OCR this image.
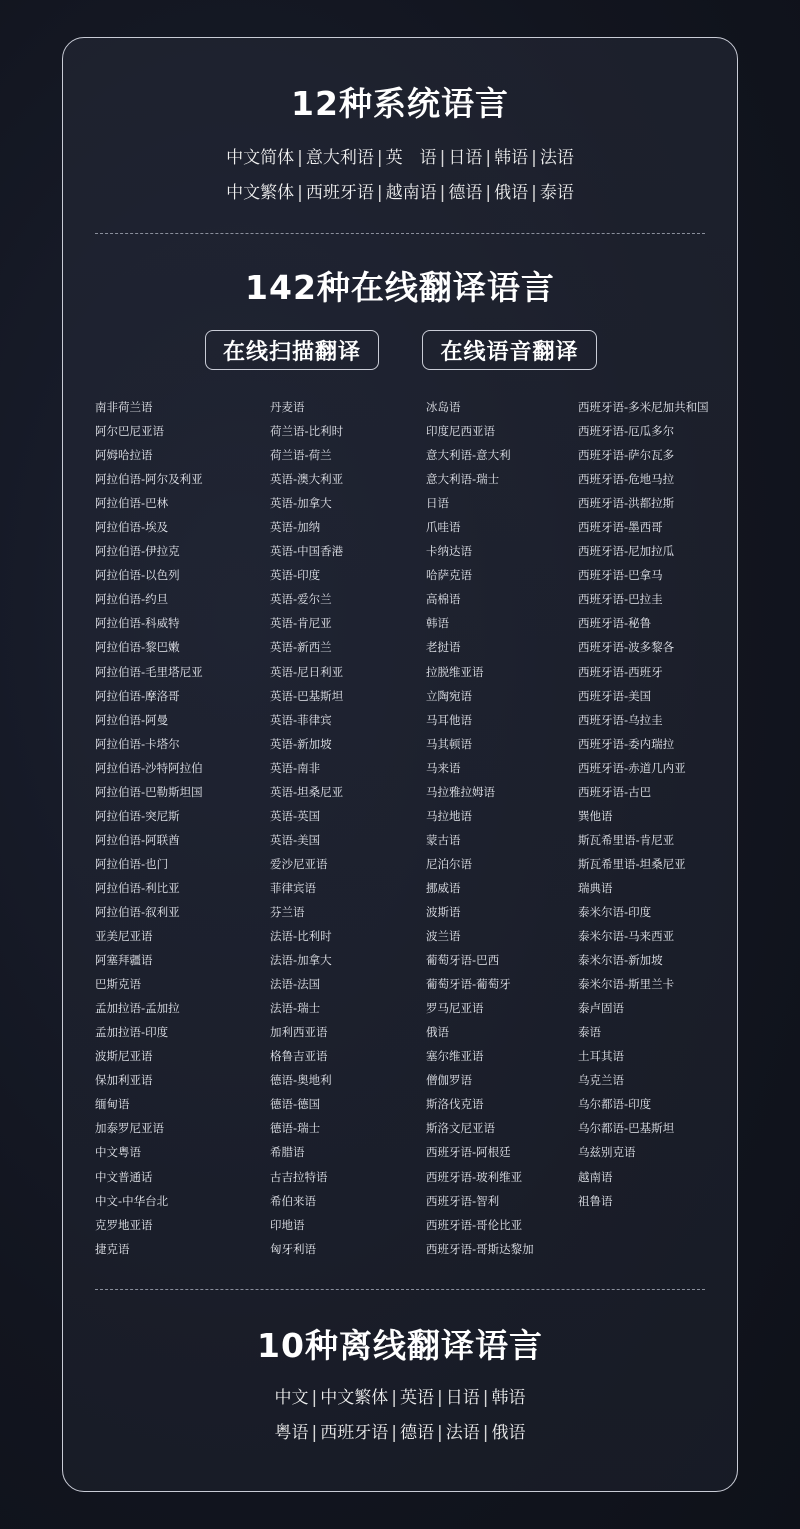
12种系统语言
中文简体 | 意大利语 | 英　语 | 日语 | 韩语 | 法语
中文繁体 | 西班牙语 | 越南语 | 德语 | 俄语 | 泰语
142种在线翻译语言
在线扫描翻译	在线语音翻译
南非荷兰语
阿尔巴尼亚语
阿姆哈拉语
阿拉伯语-阿尔及利亚
阿拉伯语-巴林
阿拉伯语-埃及
阿拉伯语-伊拉克
阿拉伯语-以色列
阿拉伯语-约旦
阿拉伯语-科威特
阿拉伯语-黎巴嫩
阿拉伯语-毛里塔尼亚
阿拉伯语-摩洛哥
阿拉伯语-阿曼
阿拉伯语-卡塔尔
阿拉伯语-沙特阿拉伯
阿拉伯语-巴勒斯坦国
阿拉伯语-突尼斯
阿拉伯语-阿联酋
阿拉伯语-也门
阿拉伯语-利比亚
阿拉伯语-叙利亚
亚美尼亚语
阿塞拜疆语
巴斯克语
孟加拉语-孟加拉
孟加拉语-印度
波斯尼亚语
保加利亚语
缅甸语
加泰罗尼亚语
中文粤语
中文普通话
中文-中华台北
克罗地亚语
捷克语
丹麦语
荷兰语-比利时
荷兰语-荷兰
英语-澳大利亚
英语-加拿大
英语-加纳
英语-中国香港
英语-印度
英语-爱尔兰
英语-肯尼亚
英语-新西兰
英语-尼日利亚
英语-巴基斯坦
英语-菲律宾
英语-新加坡
英语-南非
英语-坦桑尼亚
英语-英国
英语-美国
爱沙尼亚语
菲律宾语
芬兰语
法语-比利时
法语-加拿大
法语-法国
法语-瑞士
加利西亚语
格鲁吉亚语
德语-奥地利
德语-德国
德语-瑞士
希腊语
古吉拉特语
希伯来语
印地语
匈牙利语
冰岛语
印度尼西亚语
意大利语-意大利
意大利语-瑞士
日语
爪哇语
卡纳达语
哈萨克语
高棉语
韩语
老挝语
拉脱维亚语
立陶宛语
马耳他语
马其顿语
马来语
马拉雅拉姆语
马拉地语
蒙古语
尼泊尔语
挪威语
波斯语
波兰语
葡萄牙语-巴西
葡萄牙语-葡萄牙
罗马尼亚语
俄语
塞尔维亚语
僧伽罗语
斯洛伐克语
斯洛文尼亚语
西班牙语-阿根廷
西班牙语-玻利维亚
西班牙语-智利
西班牙语-哥伦比亚
西班牙语-哥斯达黎加
西班牙语-多米尼加共和国
西班牙语-厄瓜多尔
西班牙语-萨尔瓦多
西班牙语-危地马拉
西班牙语-洪都拉斯
西班牙语-墨西哥
西班牙语-尼加拉瓜
西班牙语-巴拿马
西班牙语-巴拉圭
西班牙语-秘鲁
西班牙语-波多黎各
西班牙语-西班牙
西班牙语-美国
西班牙语-乌拉圭
西班牙语-委内瑞拉
西班牙语-赤道几内亚
西班牙语-古巴
巽他语
斯瓦希里语-肯尼亚
斯瓦希里语-坦桑尼亚
瑞典语
泰米尔语-印度
泰米尔语-马来西亚
泰米尔语-新加坡
泰米尔语-斯里兰卡
泰卢固语
泰语
土耳其语
乌克兰语
乌尔都语-印度
乌尔都语-巴基斯坦
乌兹别克语
越南语
祖鲁语
10种离线翻译语言
中文 | 中文繁体 | 英语 | 日语 | 韩语
粤语 | 西班牙语 | 德语 | 法语 | 俄语
